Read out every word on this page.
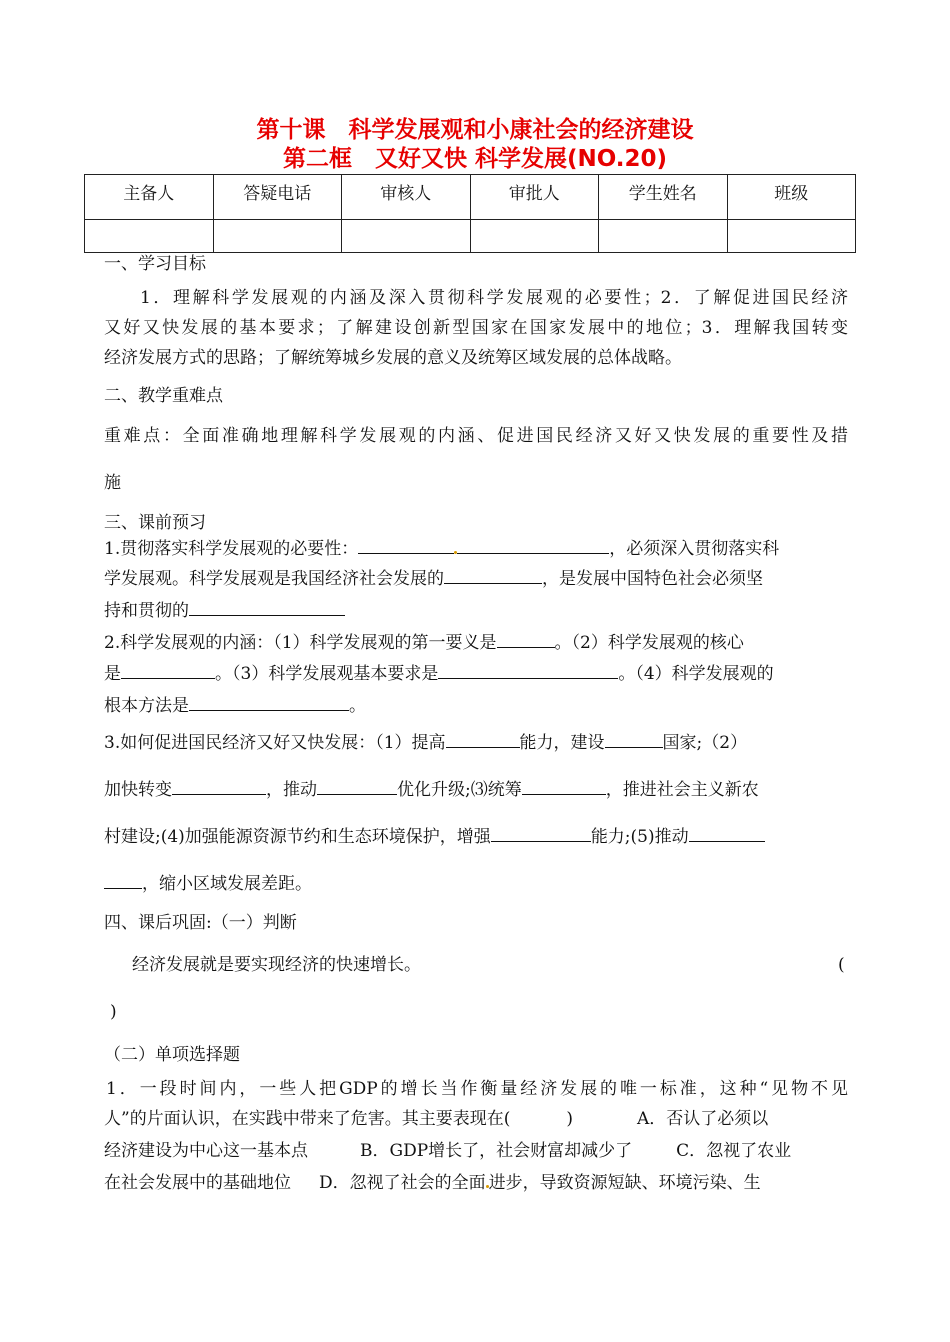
第十课　科学发展观和小康社会的经济建设
第二框　又好又快 科学发展(NO.20)
主备人	答疑电话	审核人	审批人	学生姓名	班级

一、学习目标
1．理解科学发展观的内涵及深入贯彻科学发展观的必要性；2．了解促进国民经济
又好又快发展的基本要求；了解建设创新型国家在国家发展中的地位；3．理解我国转变
经济发展方式的思路；了解统筹城乡发展的意义及统筹区域发展的总体战略。
二、教学重难点
重难点：全面准确地理解科学发展观的内涵、促进国民经济又好又快发展的重要性及措
施
三、课前预习
1.贯彻落实科学发展观的必要性：	，必须深入贯彻落实科
学发展观。科学发展观是我国经济社会发展的	，是发展中国特色社会必须坚
持和贯彻的
2.科学发展观的内涵：（1）科学发展观的第一要义是	。（2）科学发展观的核心
是	。（3）科学发展观基本要求是	。（4）科学发展观的
根本方法是	。
3.如何促进国民经济又好又快发展：（1）提高	能力，建设	国家;（2）
加快转变	，推动	优化升级;⑶统筹	，推进社会主义新农
村建设;(4)加强能源资源节约和生态环境保护，增强	能力;(5)推动
，缩小区域发展差距。
四、课后巩固:（一）判断
经济发展就是要实现经济的快速增长。	(
)
（二）单项选择题
1．一段时间内，一些人把GDP的增长当作衡量经济发展的唯一标准，这种“见物不见
人”的片面认识，在实践中带来了危害。其主要表现在(	)	A．否认了必须以
经济建设为中心这一基本点	B．GDP增长了，社会财富却减少了	C．忽视了农业
在社会发展中的基础地位 D．忽视了社会的全面 进步，导致资源短缺、环境污染、生
